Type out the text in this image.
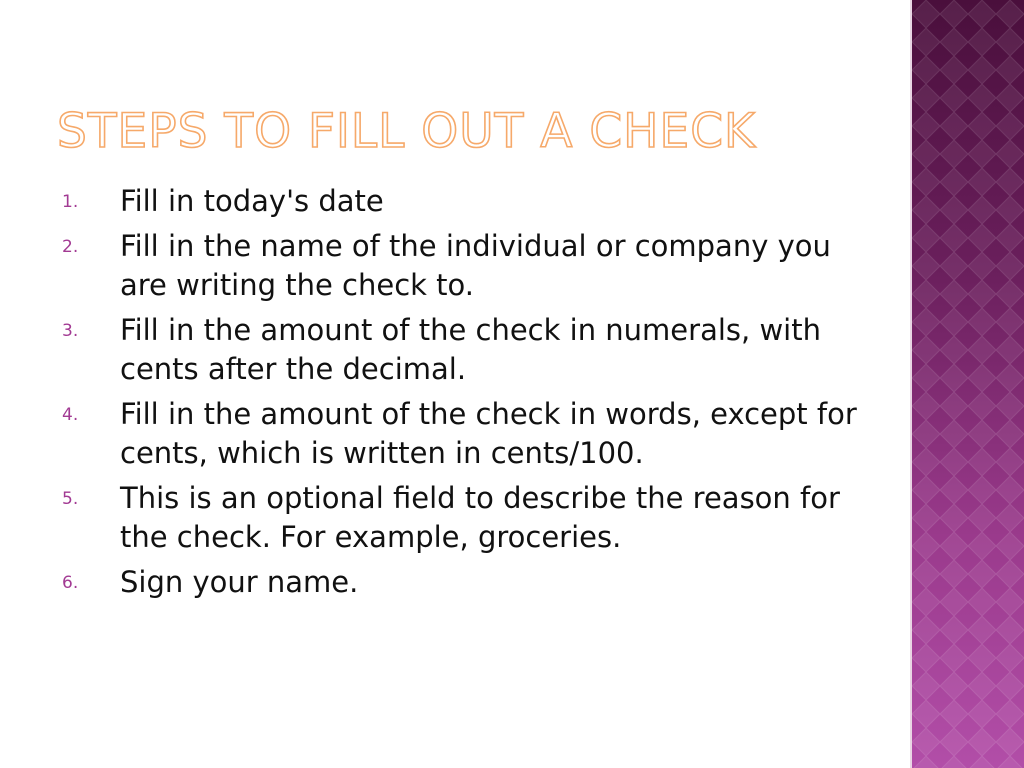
STEPS TO FILL OUT A CHECK
1. Fill in today's date
2. Fill in the name of the individual or company you are writing the check to.
3. Fill in the amount of the check in numerals, with cents after the decimal.
4. Fill in the amount of the check in words, except for cents, which is written in cents/100.
5. This is an optional field to describe the reason for the check. For example, groceries.
6. Sign your name.
